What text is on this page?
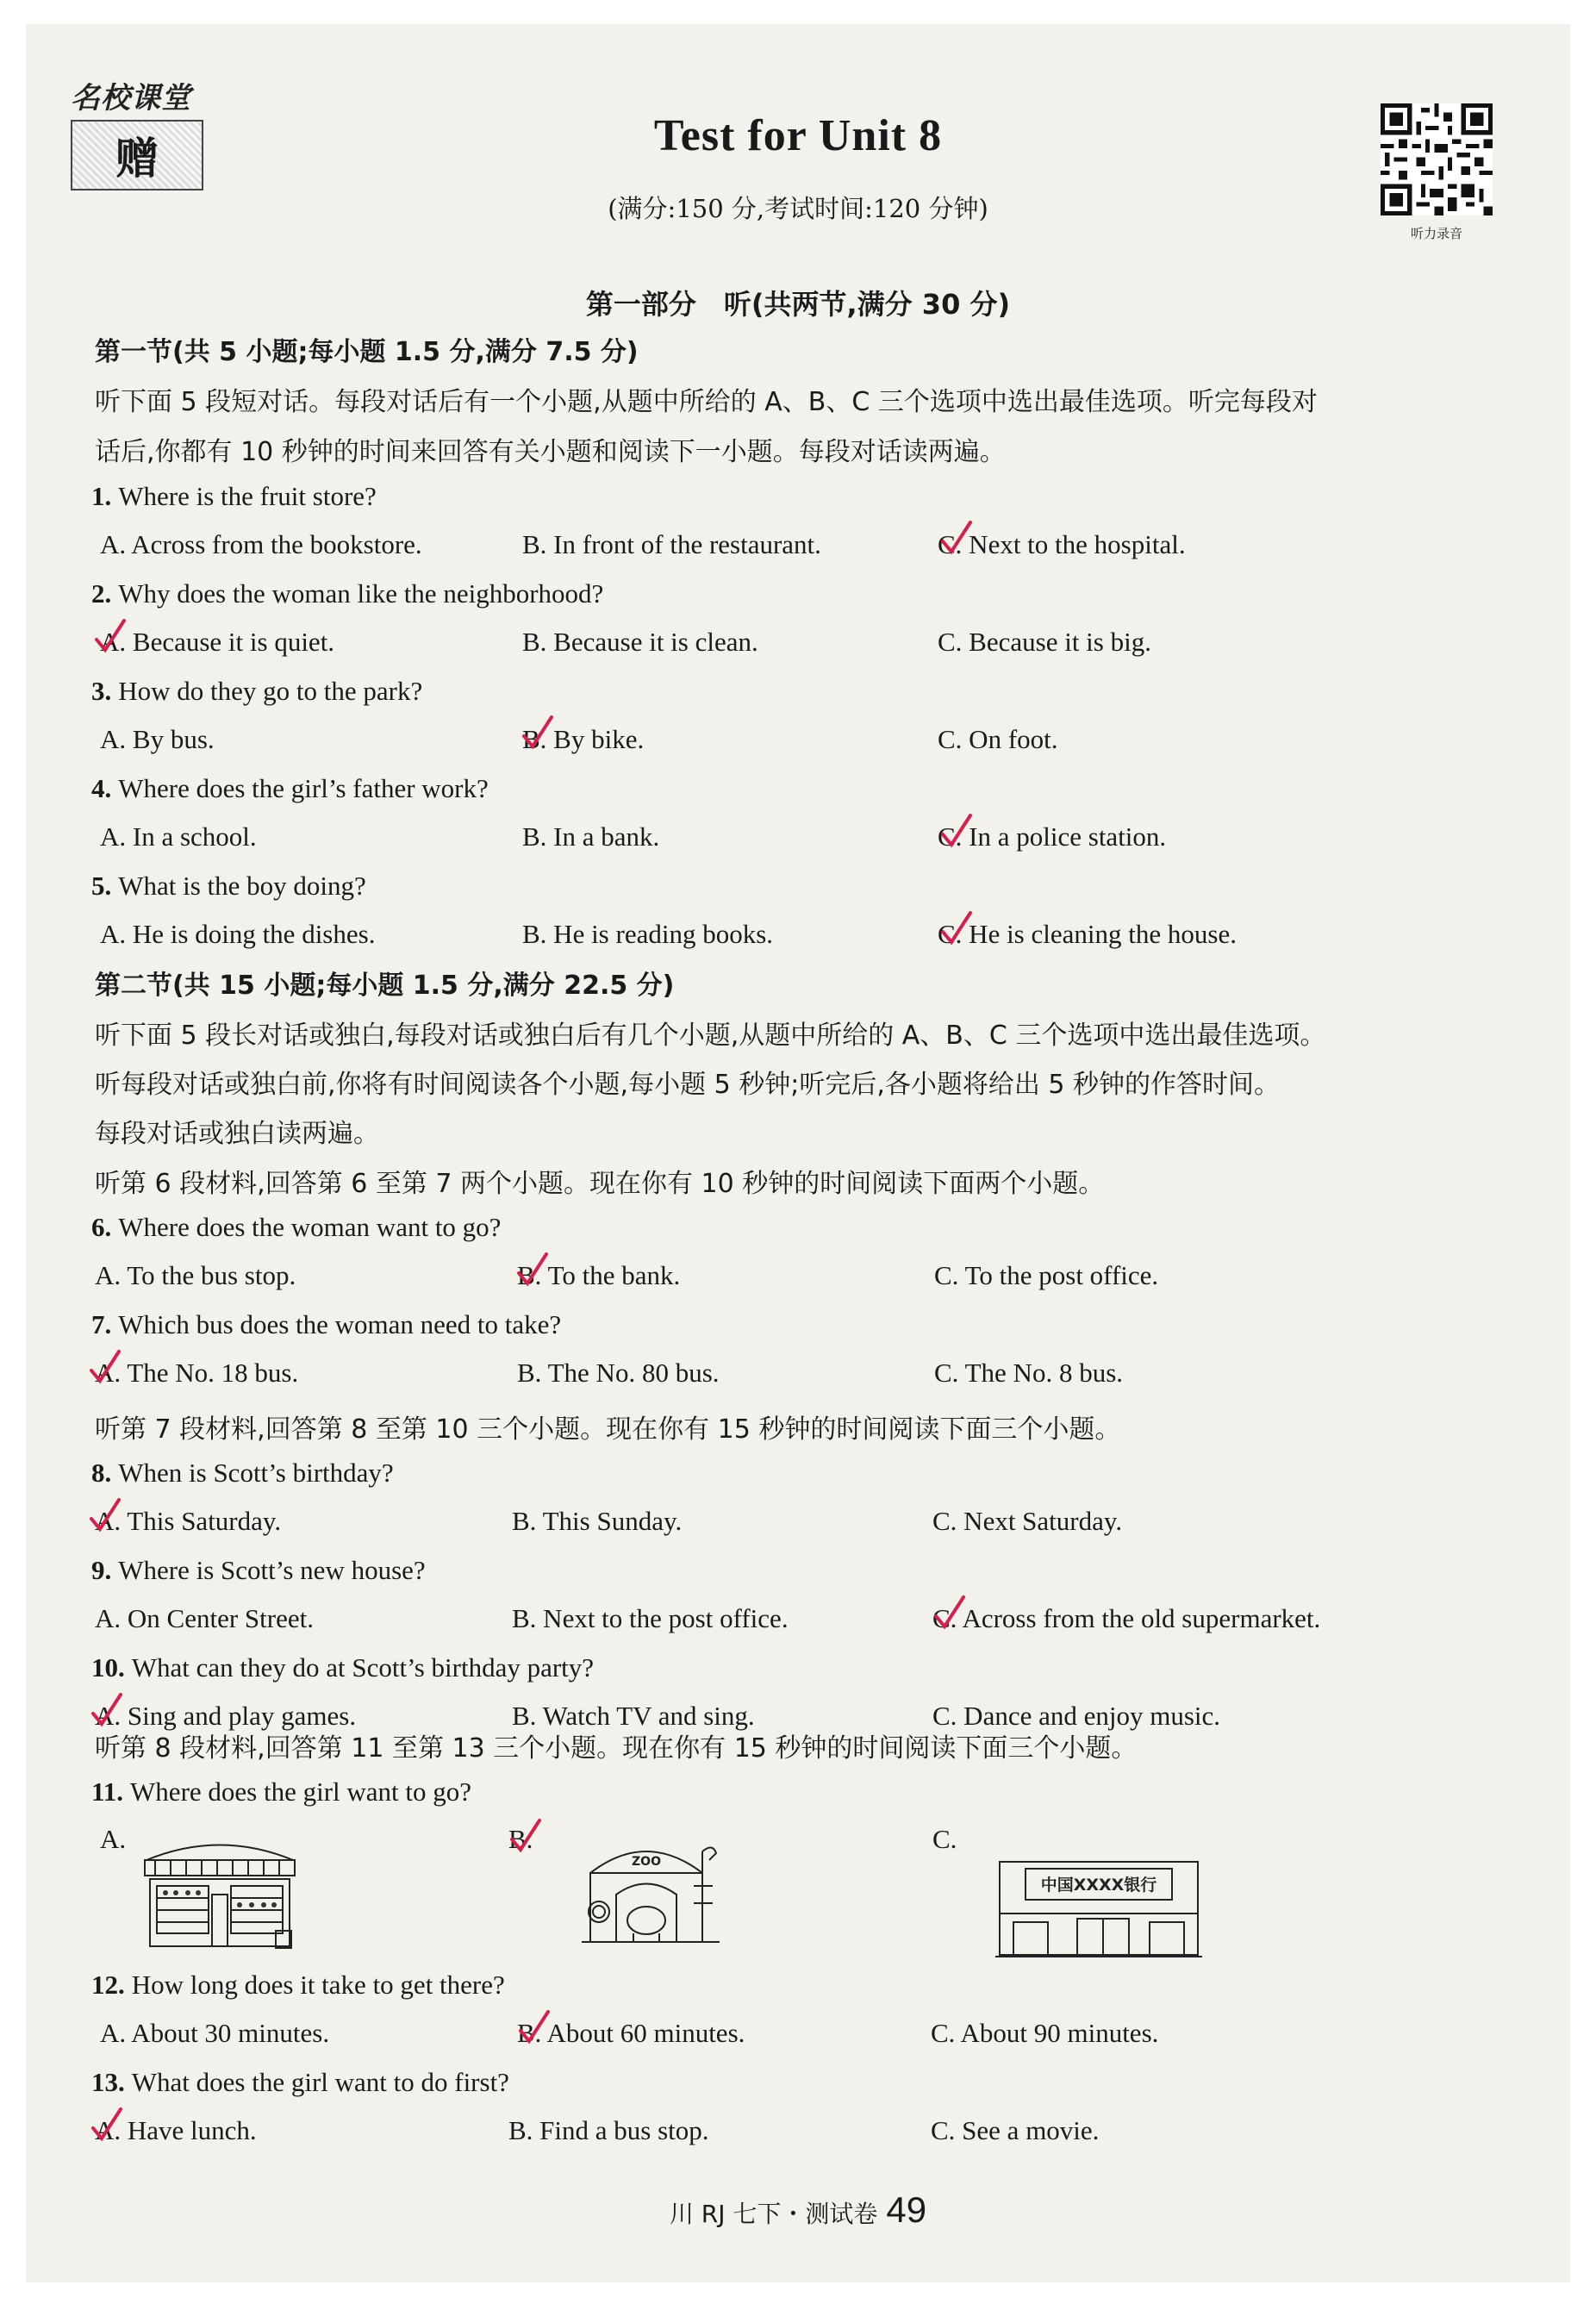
名校课堂
赠	Test for Unit 8
(满分:150 分,考试时间:120 分钟)
听力录音
第一部分　听(共两节,满分 30 分)
第一节(共 5 小题;每小题 1.5 分,满分 7.5 分)
听下面 5 段短对话。每段对话后有一个小题,从题中所给的 A、B、C 三个选项中选出最佳选项。听完每段对
话后,你都有 10 秒钟的时间来回答有关小题和阅读下一小题。每段对话读两遍。
第二节(共 15 小题;每小题 1.5 分,满分 22.5 分)
听下面 5 段长对话或独白,每段对话或独白后有几个小题,从题中所给的 A、B、C 三个选项中选出最佳选项。
听每段对话或独白前,你将有时间阅读各个小题,每小题 5 秒钟;听完后,各小题将给出 5 秒钟的作答时间。
每段对话或独白读两遍。
听第 6 段材料,回答第 6 至第 7 两个小题。现在你有 10 秒钟的时间阅读下面两个小题。
听第 7 段材料,回答第 8 至第 10 三个小题。现在你有 15 秒钟的时间阅读下面三个小题。
听第 8 段材料,回答第 11 至第 13 三个小题。现在你有 15 秒钟的时间阅读下面三个小题。
1. Where is the fruit store?
A. Across from the bookstore.	B. In front of the restaurant.	C. Next to the hospital.
2. Why does the woman like the neighborhood?
A. Because it is quiet.	B. Because it is clean.	C. Because it is big.
3. How do they go to the park?
A. By bus.	B. By bike.	C. On foot.
4. Where does the girl’s father work?
A. In a school.	B. In a bank.	C. In a police station.
5. What is the boy doing?
A. He is doing the dishes.	B. He is reading books.	C. He is cleaning the house.
6. Where does the woman want to go?
A. To the bus stop.	B. To the bank.	C. To the post office.
7. Which bus does the woman need to take?
A. The No. 18 bus.	B. The No. 80 bus.	C. The No. 8 bus.
8. When is Scott’s birthday?
A. This Saturday.	B. This Sunday.	C. Next Saturday.
9. Where is Scott’s new house?
A. On Center Street.	B. Next to the post office.	C. Across from the old supermarket.
10. What can they do at Scott’s birthday party?
A. Sing and play games.	B. Watch TV and sing.	C. Dance and enjoy music.
11. Where does the girl want to go?
A.	B.	C.
ZOO
中国XXXX银行
12. How long does it take to get there?
A. About 30 minutes.	B. About 60 minutes.	C. About 90 minutes.
13. What does the girl want to do first?
A. Have lunch.	B. Find a bus stop.	C. See a movie.
川 RJ 七下・测试卷 49
